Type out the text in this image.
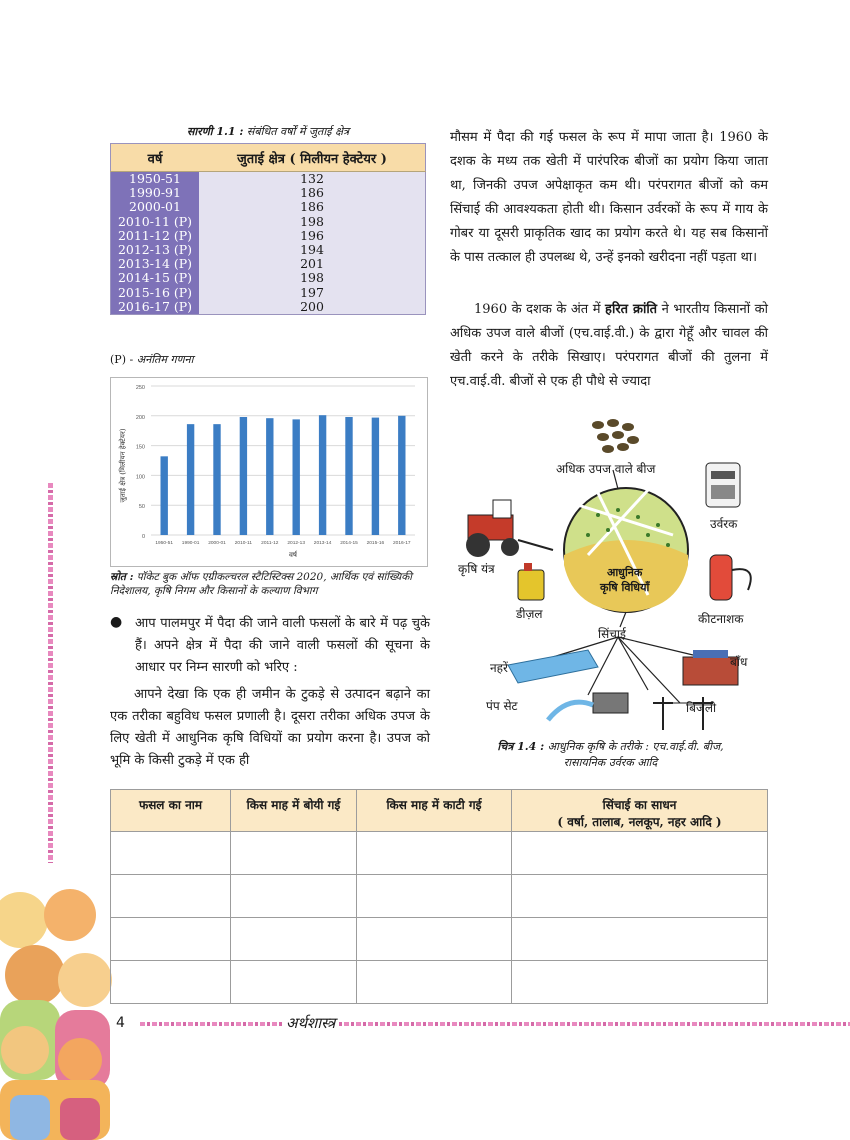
सारणी 1.1 : संबंधित वर्षों में जुताई क्षेत्र
वर्ष	जुताई क्षेत्र ( मिलीयन हेक्टेयर )
1950-51	132
1990-91	186
2000-01	186
2010-11 (P)	198
2011-12 (P)	196
2012-13 (P)	194
2013-14 (P)	201
2014-15 (P)	198
2015-16 (P)	197
2016-17 (P)	200
(P) - अनंतिम गणना
0
50
100
150
200
250
1950-51 1990-01 2000-01 2010-11 2011-12 2012-13 2013-14 2014-15 2015-16 2016-17
वर्ष
जुताई क्षेत्र (मिलीयन हेक्टेयर)
स्रोत : पॉकेट बुक ऑफ एग्रीकल्चरल स्टैटिस्टिक्स 2020, आर्थिक एवं सांख्यिकी निदेशालय, कृषि निगम और किसानों के कल्याण विभाग
● आप पालमपुर में पैदा की जाने वाली फसलों के बारे में पढ़ चुके हैं। अपने क्षेत्र में पैदा की जाने वाली फसलों की सूचना के आधार पर निम्न सारणी को भरिए :
आपने देखा कि एक ही जमीन के टुकड़े से उत्पादन बढ़ाने का एक तरीका बहुविध फसल प्रणाली है। दूसरा तरीका अधिक उपज के लिए खेती में आधुनिक कृषि विधियों का प्रयोग करना है। उपज को भूमि के किसी टुकड़े में एक ही
मौसम में पैदा की गई फसल के रूप में मापा जाता है। 1960 के दशक के मध्य तक खेती में पारंपरिक बीजों का प्रयोग किया जाता था, जिनकी उपज अपेक्षाकृत कम थी। परंपरागत बीजों को कम सिंचाई की आवश्यकता होती थी। किसान उर्वरकों के रूप में गाय के गोबर या दूसरी प्राकृतिक खाद का प्रयोग करते थे। यह सब किसानों के पास तत्काल ही उपलब्ध थे, उन्हें इनको खरीदना नहीं पड़ता था।
1960 के दशक के अंत में हरित क्रांति ने भारतीय किसानों को अधिक उपज वाले बीजों (एच.वाई.वी.) के द्वारा गेहूँ और चावल की खेती करने के तरीके सिखाए। परंपरागत बीजों की तुलना में एच.वाई.वी. बीजों से एक ही पौधे से ज्यादा
अधिक उपज वाले बीज
उर्वरक
कृषि यंत्र
डीज़ल	कीटनाशक
सिंचाई
नहरें	बाँध
पंप सेट	बिजली
आधुनिक
कृषि विधियाँ
चित्र 1.4 : आधुनिक कृषि के तरीके : एच.वाई.वी. बीज,
रासायनिक उर्वरक आदि
फसल का नाम	किस माह में बोयी गई	किस माह में काटी गई	सिंचाई का साधन
( वर्षा, तालाब, नलकूप, नहर आदि )

4	अर्थशास्त्र
